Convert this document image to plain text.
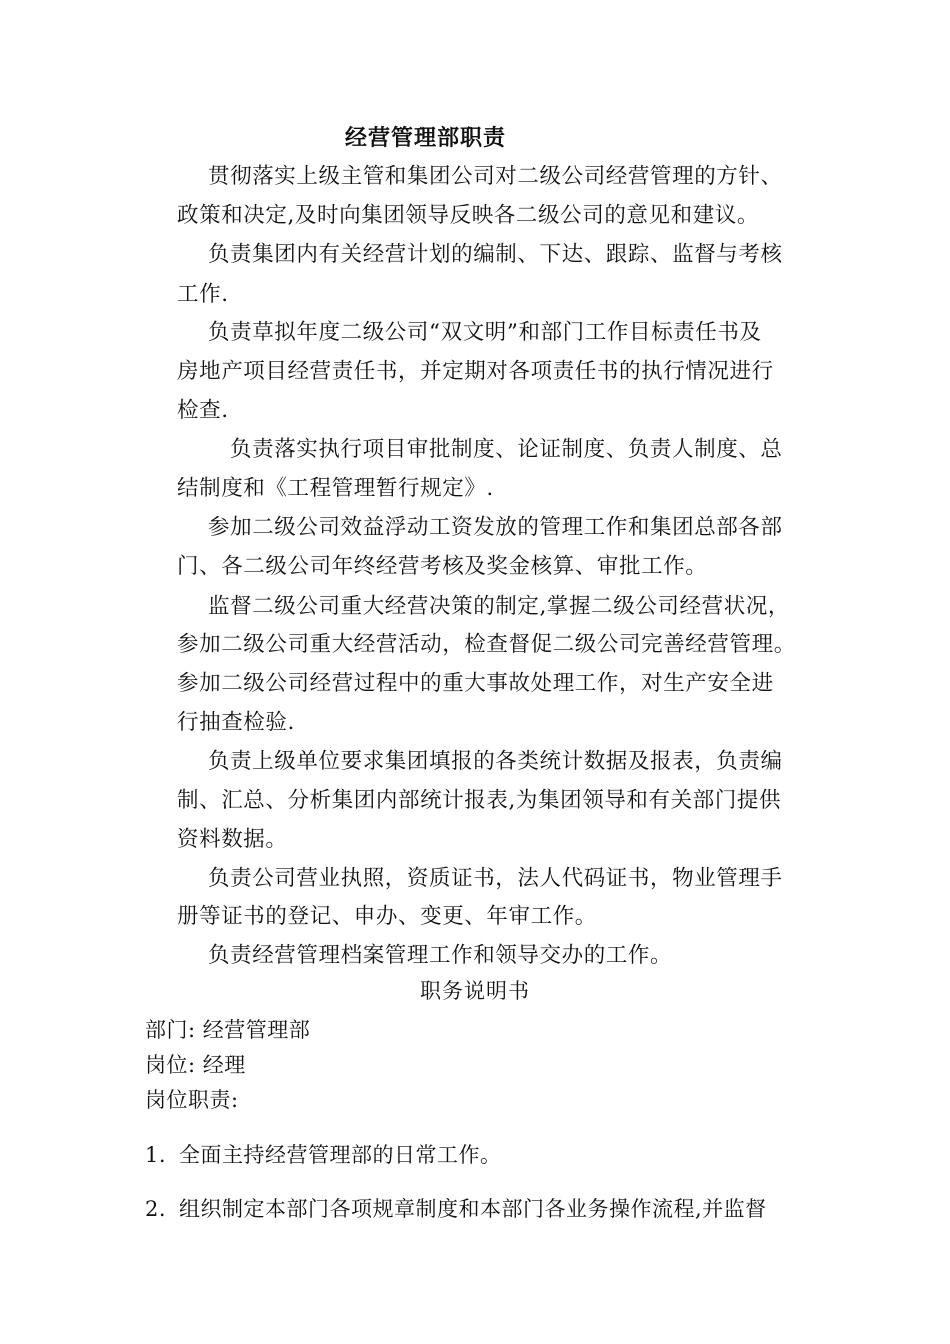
经营管理部职责
贯彻落实上级主管和集团公司对二级公司经营管理的方针、
政策和决定,及时向集团领导反映各二级公司的意见和建议。
负责集团内有关经营计划的编制、下达、跟踪、监督与考核
工作.
负责草拟年度二级公司“双文明”和部门工作目标责任书及
房地产项目经营责任书，并定期对各项责任书的执行情况进行
检查.
负责落实执行项目审批制度、论证制度、负责人制度、总
结制度和《工程管理暂行规定》.
参加二级公司效益浮动工资发放的管理工作和集团总部各部
门、各二级公司年终经营考核及奖金核算、审批工作。
监督二级公司重大经营决策的制定,掌握二级公司经营状况，
参加二级公司重大经营活动，检查督促二级公司完善经营管理。
参加二级公司经营过程中的重大事故处理工作，对生产安全进
行抽查检验.
负责上级单位要求集团填报的各类统计数据及报表，负责编
制、汇总、分析集团内部统计报表,为集团领导和有关部门提供
资料数据。
负责公司营业执照，资质证书，法人代码证书，物业管理手
册等证书的登记、申办、变更、年审工作。
负责经营管理档案管理工作和领导交办的工作。
职务说明书
部门: 经营管理部
岗位: 经理
岗位职责:
1. 全面主持经营管理部的日常工作。
2. 组织制定本部门各项规章制度和本部门各业务操作流程,并监督
